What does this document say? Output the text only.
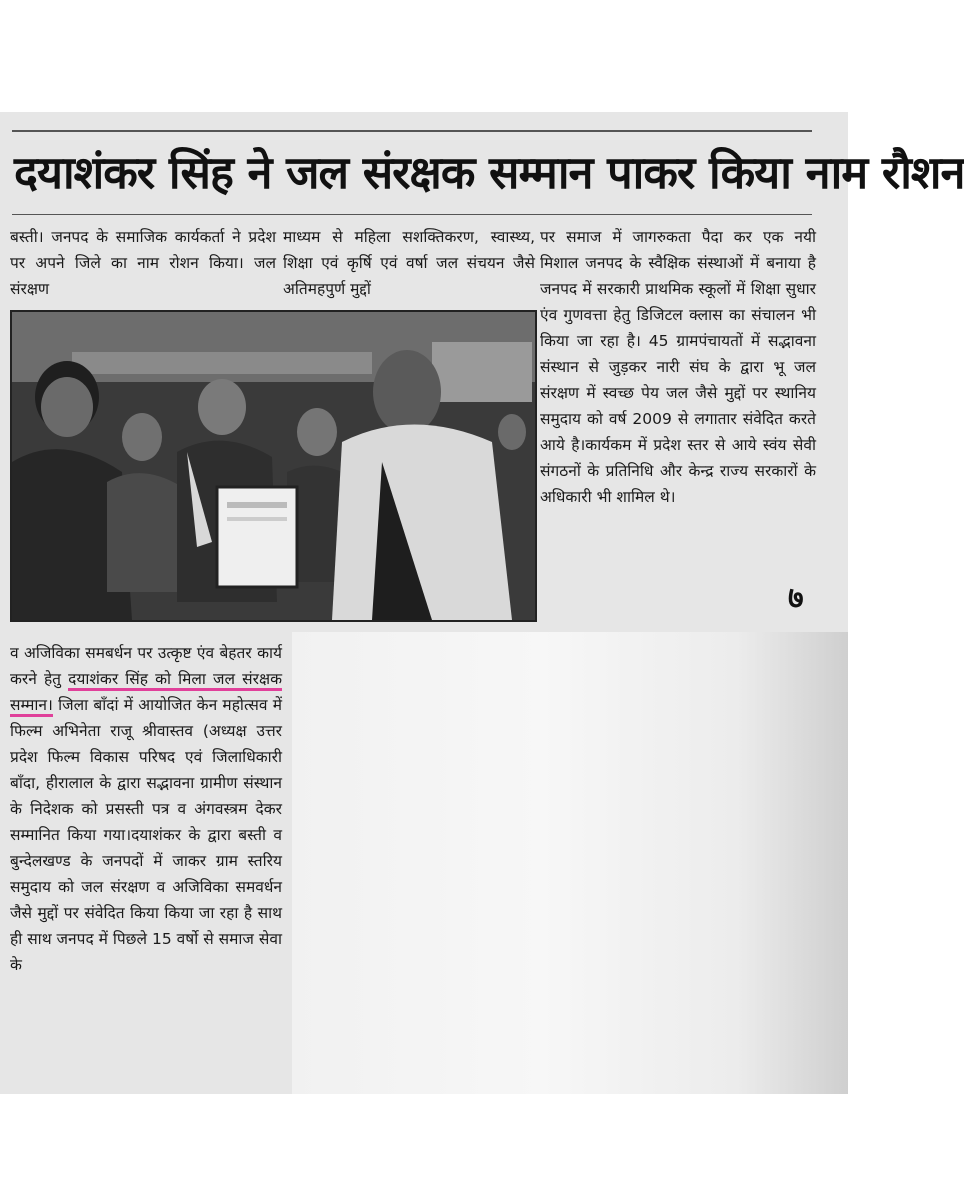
दयाशंकर सिंह ने जल संरक्षक सम्मान पाकर किया नाम रौशन

बस्ती। जनपद के समाजिक कार्यकर्ता ने प्रदेश पर अपने जिले का नाम रोशन किया। जल संरक्षण

माध्यम से महिला सशक्तिकरण, स्वास्थ्य, शिक्षा एवं कृर्षि एवं वर्षा जल संचयन जैसे अतिमहपुर्ण मुद्दों

पर समाज में जागरुकता पैदा कर एक नयी मिशाल जनपद के स्वैक्षिक संस्थाओं में बनाया है जनपद में सरकारी प्राथमिक स्कूलों में शिक्षा सुधार एंव गुणवत्ता हेतु डिजिटल क्लास का संचालन भी किया जा रहा है। 45 ग्रामपंचायतों में सद्भावना संस्थान से जुड़कर नारी संघ के द्वारा भू जल संरक्षण में स्वच्छ पेय जल जैसे मुद्दों पर स्थानिय समुदाय को वर्ष 2009 से लगातार संवेदित करते आये है।कार्यकम में प्रदेश स्तर से आये स्वंय सेवी संगठनों के प्रतिनिधि और केन्द्र राज्य सरकारों के अधिकारी भी शामिल थे।

व अजिविका समबर्धन पर उत्कृष्ट एंव बेहतर कार्य करने हेतु दयाशंकर सिंह को मिला जल संरक्षक सम्मान। जिला बाँदां में आयोजित केन महोत्सव में फिल्म अभिनेता राजू श्रीवास्तव (अध्यक्ष उत्तर प्रदेश फिल्म विकास परिषद एवं जिलाधिकारी बाँदा, हीरालाल के द्वारा सद्भावना ग्रामीण संस्थान के निदेशक को प्रसस्ती पत्र व अंगवस्त्रम देकर सम्मानित किया गया।दयाशंकर के द्वारा बस्ती व बुन्देलखण्ड के जनपदों में जाकर ग्राम स्तरिय समुदाय को जल संरक्षण व अजिविका समवर्धन जैसे मुद्दों पर संवेदित किया किया जा रहा है साथ ही साथ जनपद में पिछले 15 वर्षो से समाज सेवा के

७
